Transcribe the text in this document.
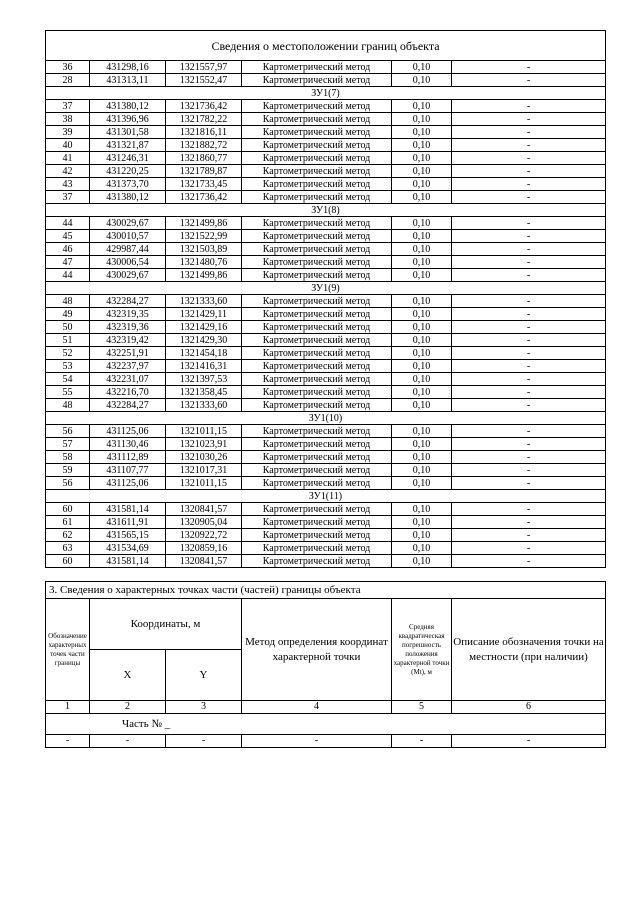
Сведения о местоположении границ объекта					
36	431298,16	1321557,97	Картометрический метод	0,10	-
28	431313,11	1321552,47	Картометрический метод	0,10	-
ЗУ1(7)					
37	431380,12	1321736,42	Картометрический метод	0,10	-
38	431396,96	1321782,22	Картометрический метод	0,10	-
39	431301,58	1321816,11	Картометрический метод	0,10	-
40	431321,87	1321882,72	Картометрический метод	0,10	-
41	431246,31	1321860,77	Картометрический метод	0,10	-
42	431220,25	1321789,87	Картометрический метод	0,10	-
43	431373,70	1321733,45	Картометрический метод	0,10	-
37	431380,12	1321736,42	Картометрический метод	0,10	-
ЗУ1(8)					
44	430029,67	1321499,86	Картометрический метод	0,10	-
45	430010,57	1321522,99	Картометрический метод	0,10	-
46	429987,44	1321503,89	Картометрический метод	0,10	-
47	430006,54	1321480,76	Картометрический метод	0,10	-
44	430029,67	1321499,86	Картометрический метод	0,10	-
ЗУ1(9)					
48	432284,27	1321333,60	Картометрический метод	0,10	-
49	432319,35	1321429,11	Картометрический метод	0,10	-
50	432319,36	1321429,16	Картометрический метод	0,10	-
51	432319,42	1321429,30	Картометрический метод	0,10	-
52	432251,91	1321454,18	Картометрический метод	0,10	-
53	432237,97	1321416,31	Картометрический метод	0,10	-
54	432231,07	1321397,53	Картометрический метод	0,10	-
55	432216,70	1321358,45	Картометрический метод	0,10	-
48	432284,27	1321333,60	Картометрический метод	0,10	-
ЗУ1(10)					
56	431125,06	1321011,15	Картометрический метод	0,10	-
57	431130,46	1321023,91	Картометрический метод	0,10	-
58	431112,89	1321030,26	Картометрический метод	0,10	-
59	431107,77	1321017,31	Картометрический метод	0,10	-
56	431125,06	1321011,15	Картометрический метод	0,10	-
ЗУ1(11)					
60	431581,14	1320841,57	Картометрический метод	0,10	-
61	431611,91	1320905,04	Картометрический метод	0,10	-
62	431565,15	1320922,72	Картометрический метод	0,10	-
63	431534,69	1320859,16	Картометрический метод	0,10	-
60	431581,14	1320841,57	Картометрический метод	0,10	-
3. Сведения о характерных точках части (частей) границы объекта					
Обозначение характерных точек части границы	Координаты, м		Метод определения координат характерной точки	Средняя квадратическая погрешность положения характерной точки (Mt), м	Описание обозначения точки на местности (при наличии)
	X	Y			
1	2	3	4	5	6
Часть № _					
-	-	-	-	-	-
